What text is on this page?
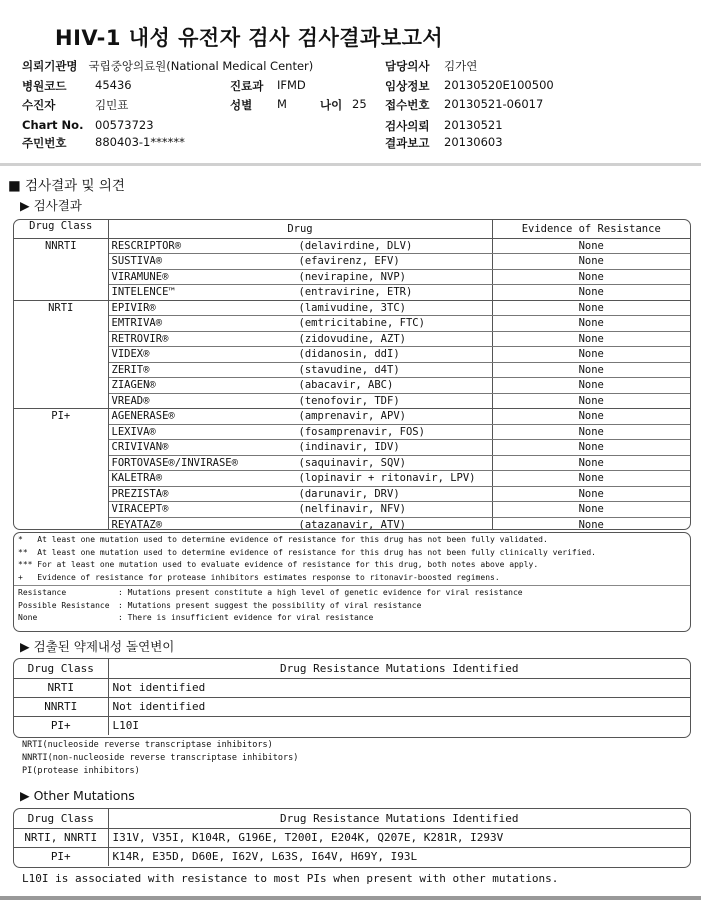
HIV-1 내성 유전자 검사 검사결과보고서
의뢰기관명 국립중앙의료원(National Medical Center)
병원코드 45436
수진자	김민표
Chart No. 00573723
주민번호 880403-1******
진료과 IFMD
성별 M	나이 25
담당의사 김가연
임상정보 20130520E100500
접수번호 20130521-06017
검사의뢰 20130521
결과보고 20130603
■ 검사결과 및 의견
▶ 검사결과
Drug Class	Drug	Evidence of Resistance
NNRTI	RESCRIPTOR® (delavirdine, DLV)	None
	SUSTIVA® (efavirenz, EFV)	None
	VIRAMUNE® (nevirapine, NVP)	None
	INTELENCE™ (entravirine, ETR)	None
NRTI	EPIVIR® (lamivudine, 3TC)	None
	EMTRIVA® (emtricitabine, FTC)	None
	RETROVIR® (zidovudine, AZT)	None
	VIDEX® (didanosin, ddI)	None
	ZERIT® (stavudine, d4T)	None
	ZIAGEN® (abacavir, ABC)	None
	VREAD® (tenofovir, TDF)	None
PI+	AGENERASE® (amprenavir, APV)	None
	LEXIVA® (fosamprenavir, FOS)	None
	CRIVIVAN® (indinavir, IDV)	None
	FORTOVASE®/INVIRASE® (saquinavir, SQV)	None
	KALETRA® (lopinavir + ritonavir, LPV)	None
	PREZISTA® (darunavir, DRV)	None
	VIRACEPT® (nelfinavir, NFV)	None
	REYATAZ® (atazanavir, ATV)	None

*   At least one mutation used to determine evidence of resistance for this drug has not been fully validated.
**  At least one mutation used to determine evidence of resistance for this drug has not been fully clinically verified.
*** For at least one mutation used to evaluate evidence of resistance for this drug, both notes above apply.
+   Evidence of resistance for protease inhibitors estimates response to ritonavir-boosted regimens.
Resistance	: Mutations present constitute a high level of genetic evidence for viral resistance
Possible Resistance	: Mutations present suggest the possibility of viral resistance
None	: There is insufficient evidence for viral resistance
▶ 검출된 약제내성 돌연변이
Drug Class	Drug Resistance Mutations Identified
NRTI	Not identified
NNRTI	Not identified
PI+	L10I
NRTI(nucleoside reverse transcriptase inhibitors)
NNRTI(non-nucleoside reverse transcriptase inhibitors)
PI(protease inhibitors)
▶ Other Mutations
Drug Class	Drug Resistance Mutations Identified
NRTI, NNRTI	I31V, V35I, K104R, G196E, T200I, E204K, Q207E, K281R, I293V
PI+	K14R, E35D, D60E, I62V, L63S, I64V, H69Y, I93L
L10I is associated with resistance to most PIs when present with other mutations.
